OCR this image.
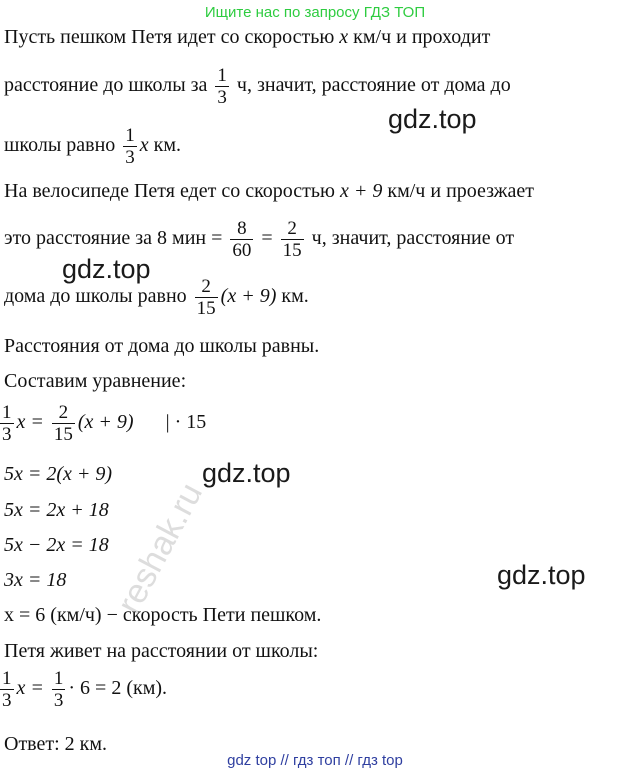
Ищите нас по запросу ГДЗ ТОП
Пусть пешком Петя идет со скоростью x км/ч и проходит
расстояние до школы за $\frac{1}{3} ч$, значит, расстояние от дома до
школы равно $\frac{1}{3}$ x км.
На велосипеде Петя едет со скоростью x + 9 км/ч и проезжает
это расстояние за 8 мин = $\frac{8}{60} = \frac{2}{15} ч$, значит, расстояние от
дома до школы равно $\frac{2}{15} (x + 9)$ км.
Расстояния от дома до школы равны.
Составим уравнение:
$\frac{1}{3}$ $x = \frac{2}{15} (x + 9)$ | · 15
5x = 2(x + 9)
5x = 2x + 18
5x − 2x = 18
3x = 18
x = 6 (км/ч) − скорость Пети пешком.
Петя живет на расстоянии от школы:
$\frac{1}{3}$ $x = \frac{1}{3} \cdot 6 = 2$ (км).
Ответ: 2 км.
gdz.top
gdz.top
gdz.top
gdz.top
reshak.ru
gdz top // гдз топ // гдз top
